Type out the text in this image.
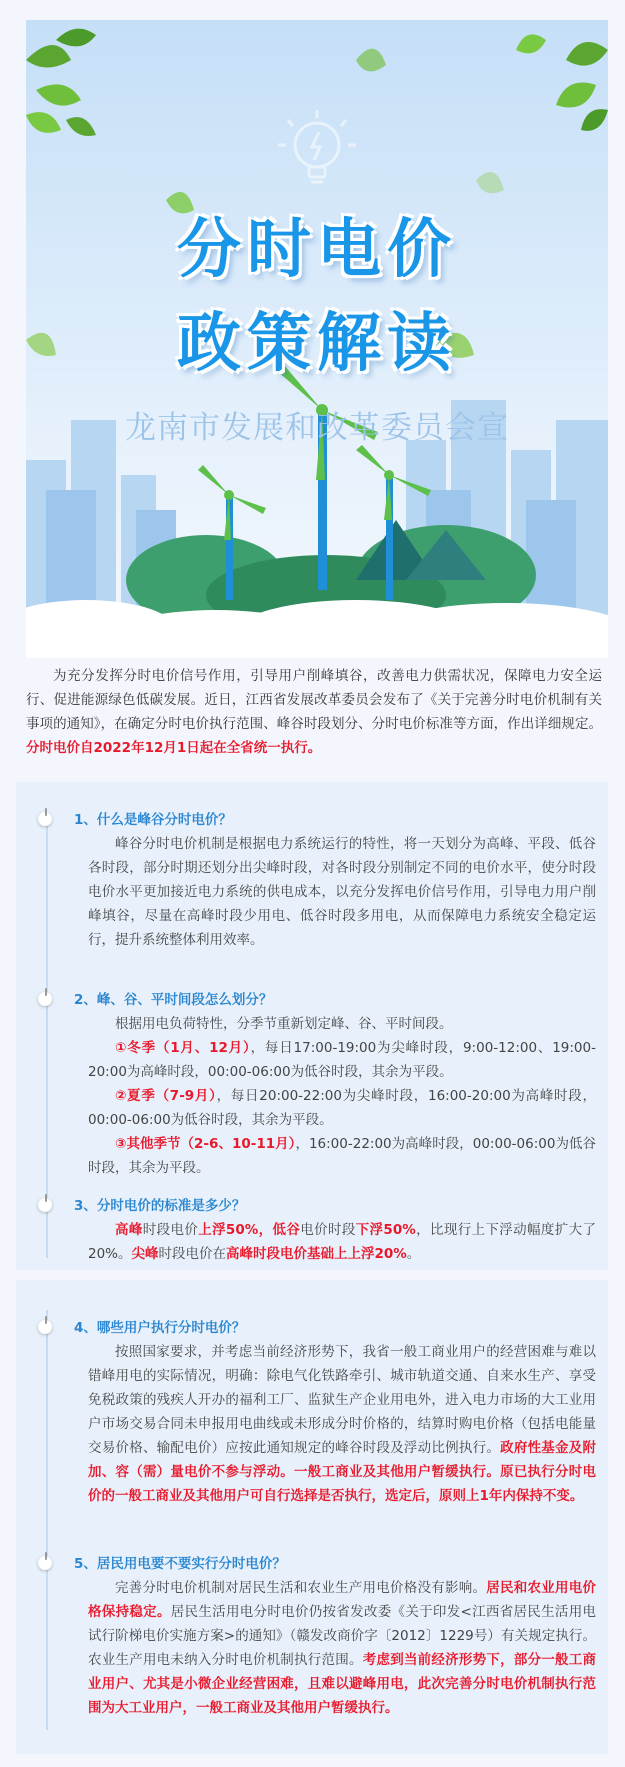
分时电价
政策解读
龙南市发展和改革委员会宣
为充分发挥分时电价信号作用，引导用户削峰填谷，改善电力供需状况，保障电力安全运行、促进能源绿色低碳发展。近日，江西省发展改革委员会发布了《关于完善分时电价机制有关事项的通知》，在确定分时电价执行范围、峰谷时段划分、分时电价标准等方面，作出详细规定。分时电价自2022年12月1日起在全省统一执行。
1、什么是峰谷分时电价？

峰谷分时电价机制是根据电力系统运行的特性，将一天划分为高峰、平段、低谷各时段，部分时期还划分出尖峰时段，对各时段分别制定不同的电价水平，使分时段电价水平更加接近电力系统的供电成本，以充分发挥电价信号作用，引导电力用户削峰填谷，尽量在高峰时段少用电、低谷时段多用电，从而保障电力系统安全稳定运行，提升系统整体利用效率。

2、峰、谷、平时间段怎么划分？

根据用电负荷特性，分季节重新划定峰、谷、平时间段。

①冬季（1月、12月），每日17:00-19:00为尖峰时段，9:00-12:00、19:00-20:00为高峰时段，00:00-06:00为低谷时段，其余为平段。

②夏季（7-9月），每日20:00-22:00为尖峰时段，16:00-20:00为高峰时段，00:00-06:00为低谷时段，其余为平段。

③其他季节（2-6、10-11月），16:00-22:00为高峰时段，00:00-06:00为低谷时段，其余为平段。

3、分时电价的标准是多少？

高峰时段电价上浮50%，低谷电价时段下浮50%，比现行上下浮动幅度扩大了20%。尖峰时段电价在高峰时段电价基础上上浮20%。

4、哪些用户执行分时电价？

按照国家要求，并考虑当前经济形势下，我省一般工商业用户的经营困难与难以错峰用电的实际情况，明确：除电气化铁路牵引、城市轨道交通、自来水生产、享受免税政策的残疾人开办的福利工厂、监狱生产企业用电外，进入电力市场的大工业用户市场交易合同未申报用电曲线或未形成分时价格的，结算时购电价格（包括电能量交易价格、输配电价）应按此通知规定的峰谷时段及浮动比例执行。政府性基金及附加、容（需）量电价不参与浮动。一般工商业及其他用户暂缓执行。原已执行分时电价的一般工商业及其他用户可自行选择是否执行，选定后，原则上1年内保持不变。

5、居民用电要不要实行分时电价？

完善分时电价机制对居民生活和农业生产用电价格没有影响。居民和农业用电价格保持稳定。居民生活用电分时电价仍按省发改委《关于印发<江西省居民生活用电试行阶梯电价实施方案>的通知》（赣发改商价字〔2012〕1229号）有关规定执行。农业生产用电未纳入分时电价机制执行范围。考虑到当前经济形势下，部分一般工商业用户、尤其是小微企业经营困难，且难以避峰用电，此次完善分时电价机制执行范围为大工业用户，一般工商业及其他用户暂缓执行。
